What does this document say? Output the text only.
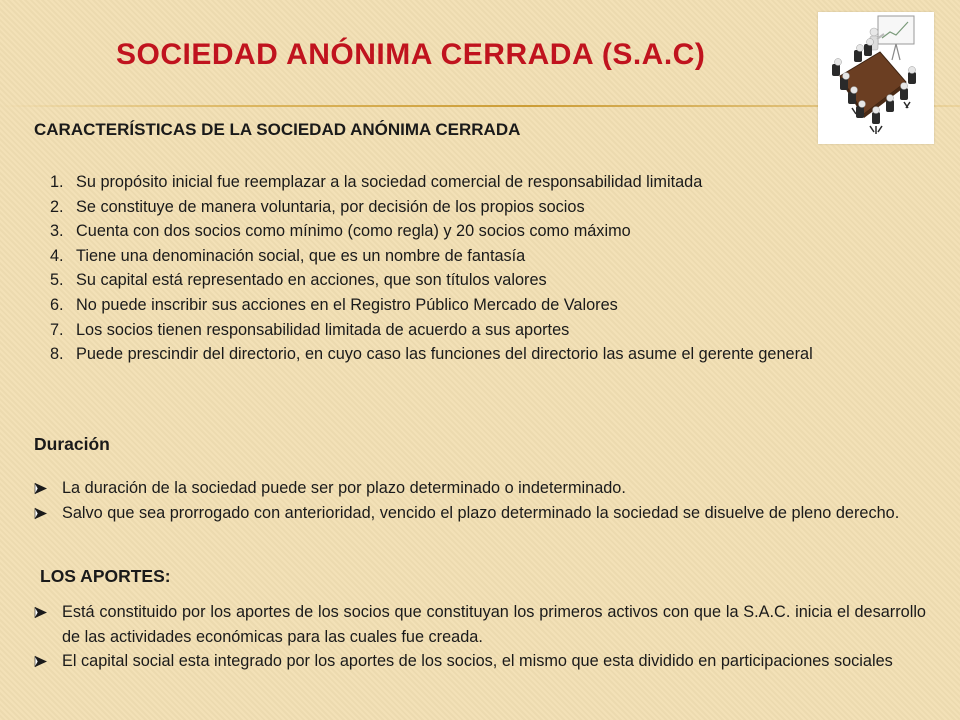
SOCIEDAD ANÓNIMA CERRADA (S.A.C)
CARACTERÍSTICAS DE LA SOCIEDAD ANÓNIMA CERRADA
1. Su propósito inicial fue reemplazar a la sociedad comercial de responsabilidad limitada
2. Se constituye de manera voluntaria, por decisión de los propios socios
3. Cuenta con dos socios como mínimo (como regla) y 20 socios como máximo
4. Tiene una denominación social, que es un nombre de fantasía
5. Su capital está representado en acciones, que son títulos valores
6. No puede inscribir sus acciones en el Registro Público Mercado de Valores
7. Los socios tienen responsabilidad limitada de acuerdo a sus aportes
8. Puede prescindir del directorio, en cuyo caso las funciones del directorio las asume el gerente general
Duración
La duración de la sociedad puede ser por plazo determinado o indeterminado.
Salvo que sea prorrogado con anterioridad, vencido el plazo determinado la sociedad se disuelve de pleno derecho.
LOS APORTES:
Está constituido por los aportes de los socios que constituyan los primeros activos con que la S.A.C. inicia el desarrollo de las actividades económicas para las cuales fue creada.
El capital social esta integrado por los aportes de los socios, el mismo que esta dividido en participaciones sociales
